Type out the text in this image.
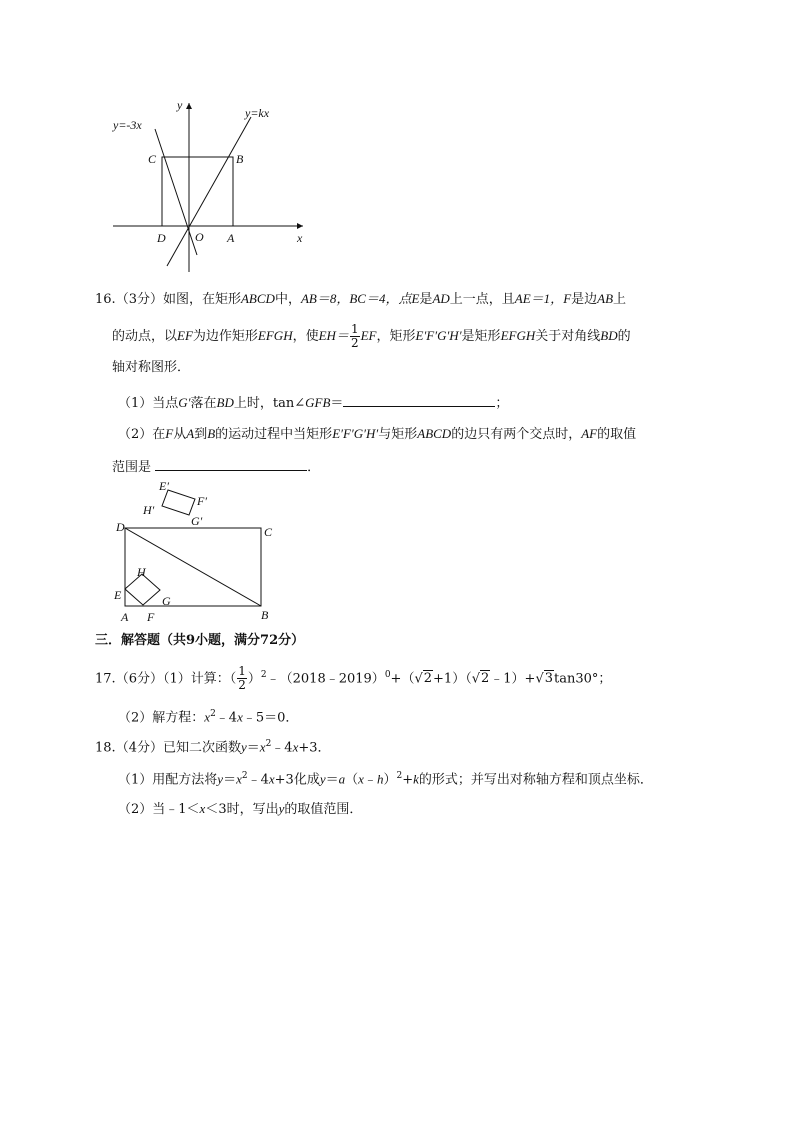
y
x
y=-3x
y=kx
C	B
D O A
16.（3分）如图，在矩形ABCD中，AB＝8，BC＝4，点E是AD上一点，且AE＝1，F是边AB上
的动点，以EF为边作矩形EFGH，使$EH= \frac{1}{2}$ EF，矩形E′F′G′H′是矩形EFGH关于对角线BD的
轴对称图形．
（1）当点G′落在BD上时，tan∠GFB＝	；
（2）在F从A到B的运动过程中当矩形E′F′G′H′与矩形ABCD的边只有两个交点时，AF的取值
范围是	．
E′
F′
H′
G′
D	C
H
E	G
A F	B
三．解答题（共9小题，满分72分）
17.（6分）（1）计算：（ $\frac{1}{2}$ ）$^2$﹣（2018﹣2019）$^0$+（√2+1）（√2﹣1）+√3tan30°；
（2）解方程：$x^2﹣4x﹣5=0$．
18.（4分）已知二次函数$y=x^2﹣4x+3$．
（1）用配方法将$y=x^2﹣4x+3$化成y＝a（x﹣h）$^2$+k的形式；并写出对称轴方程和顶点坐标．
（2）当﹣1＜x＜3时，写出y的取值范围．
